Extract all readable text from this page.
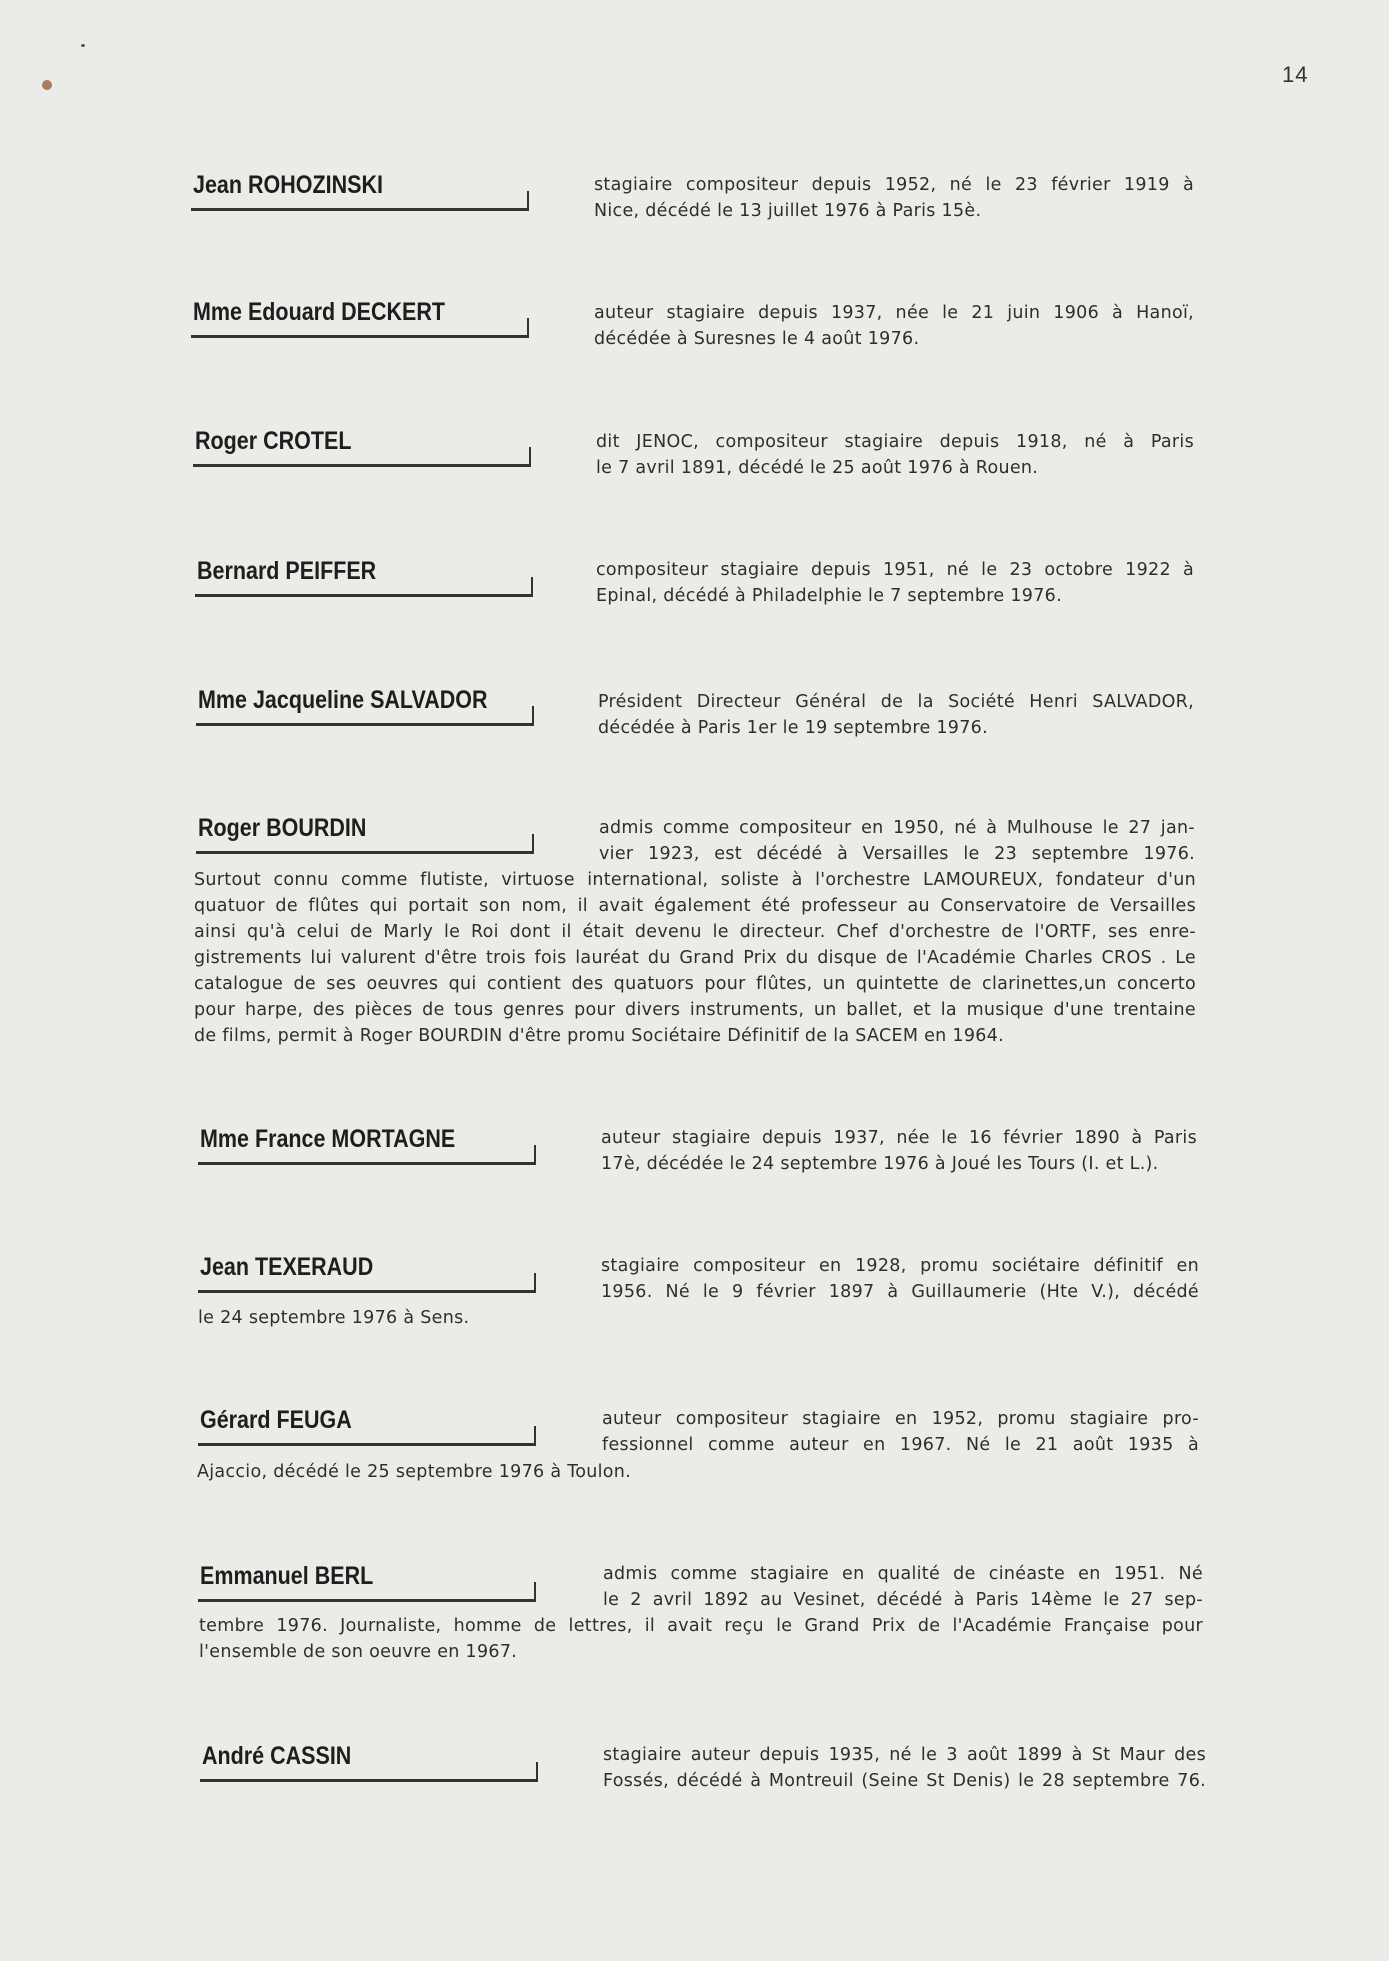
14
Jean ROHOZINSKI	stagiaire compositeur depuis 1952, né le 23 février 1919 à
Nice, décédé le 13 juillet 1976 à Paris 15è.
Mme Edouard DECKERT	auteur stagiaire depuis 1937, née le 21 juin 1906 à Hanoï,
décédée à Suresnes le 4 août 1976.
Roger CROTEL	dit JENOC, compositeur stagiaire depuis 1918, né à Paris
le 7 avril 1891, décédé le 25 août 1976 à Rouen.
Bernard PEIFFER	compositeur stagiaire depuis 1951, né le 23 octobre 1922 à
Epinal, décédé à Philadelphie le 7 septembre 1976.
Mme Jacqueline SALVADOR	Président Directeur Général de la Société Henri SALVADOR,
décédée à Paris 1er le 19 septembre 1976.
Roger BOURDIN	admis comme compositeur en 1950, né à Mulhouse le 27 jan-
vier 1923, est décédé à Versailles le 23 septembre 1976.
Surtout connu comme flutiste, virtuose international, soliste à l'orchestre LAMOUREUX, fondateur d'un
quatuor de flûtes qui portait son nom, il avait également été professeur au Conservatoire de Versailles
ainsi qu'à celui de Marly le Roi dont il était devenu le directeur. Chef d'orchestre de l'ORTF, ses enre-
gistrements lui valurent d'être trois fois lauréat du Grand Prix du disque de l'Académie Charles CROS . Le
catalogue de ses oeuvres qui contient des quatuors pour flûtes, un quintette de clarinettes,un concerto
pour harpe, des pièces de tous genres pour divers instruments, un ballet, et la musique d'une trentaine
de films, permit à Roger BOURDIN d'être promu Sociétaire Définitif de la SACEM en 1964.
Mme France MORTAGNE	auteur stagiaire depuis 1937, née le 16 février 1890 à Paris
17è, décédée le 24 septembre 1976 à Joué les Tours (I. et L.).
Jean TEXERAUD	stagiaire compositeur en 1928, promu sociétaire définitif en
1956. Né le 9 février 1897 à Guillaumerie (Hte V.), décédé
le 24 septembre 1976 à Sens.
Gérard FEUGA	auteur compositeur stagiaire en 1952, promu stagiaire pro-
fessionnel comme auteur en 1967. Né le 21 août 1935 à
Ajaccio, décédé le 25 septembre 1976 à Toulon.
Emmanuel BERL	admis comme stagiaire en qualité de cinéaste en 1951. Né
le 2 avril 1892 au Vesinet, décédé à Paris 14ème le 27 sep-
tembre 1976. Journaliste, homme de lettres, il avait reçu le Grand Prix de l'Académie Française pour
l'ensemble de son oeuvre en 1967.
André CASSIN	stagiaire auteur depuis 1935, né le 3 août 1899 à St Maur des
Fossés, décédé à Montreuil (Seine St Denis) le 28 septembre 76.
